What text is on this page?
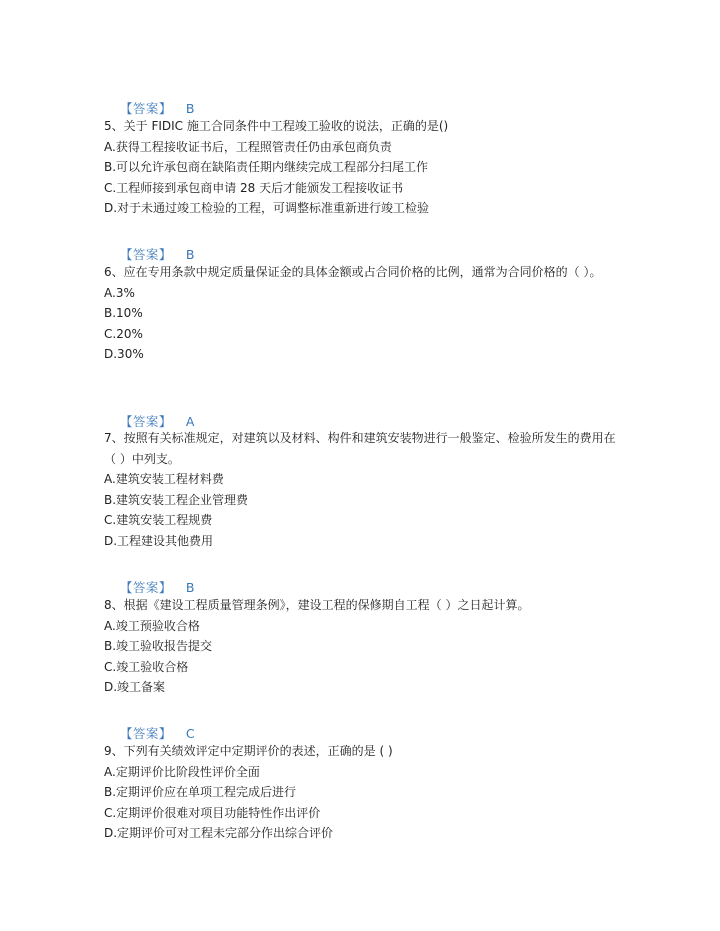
【答案】 B

5、关于 FIDIC 施工合同条件中工程竣工验收的说法，正确的是()
A.获得工程接收证书后，工程照管责任仍由承包商负责
B.可以允许承包商在缺陷责任期内继续完成工程部分扫尾工作
C.工程师接到承包商申请 28 天后才能颁发工程接收证书
D.对于未通过竣工检验的工程，可调整标准重新进行竣工检验

【答案】 B

6、应在专用条款中规定质量保证金的具体金额或占合同价格的比例，通常为合同价格的（ ）。
A.3%
B.10%
C.20%
D.30%

【答案】 A

7、按照有关标准规定，对建筑以及材料、构件和建筑安装物进行一般鉴定、检验所发生的费用在（ ）中列支。
A.建筑安装工程材料费
B.建筑安装工程企业管理费
C.建筑安装工程规费
D.工程建设其他费用

【答案】 B

8、根据《建设工程质量管理条例》，建设工程的保修期自工程（ ）之日起计算。
A.竣工预验收合格
B.竣工验收报告提交
C.竣工验收合格
D.竣工备案

【答案】 C

9、下列有关绩效评定中定期评价的表述，正确的是 ( )
A.定期评价比阶段性评价全面
B.定期评价应在单项工程完成后进行
C.定期评价很难对项目功能特性作出评价
D.定期评价可对工程未完部分作出综合评价
